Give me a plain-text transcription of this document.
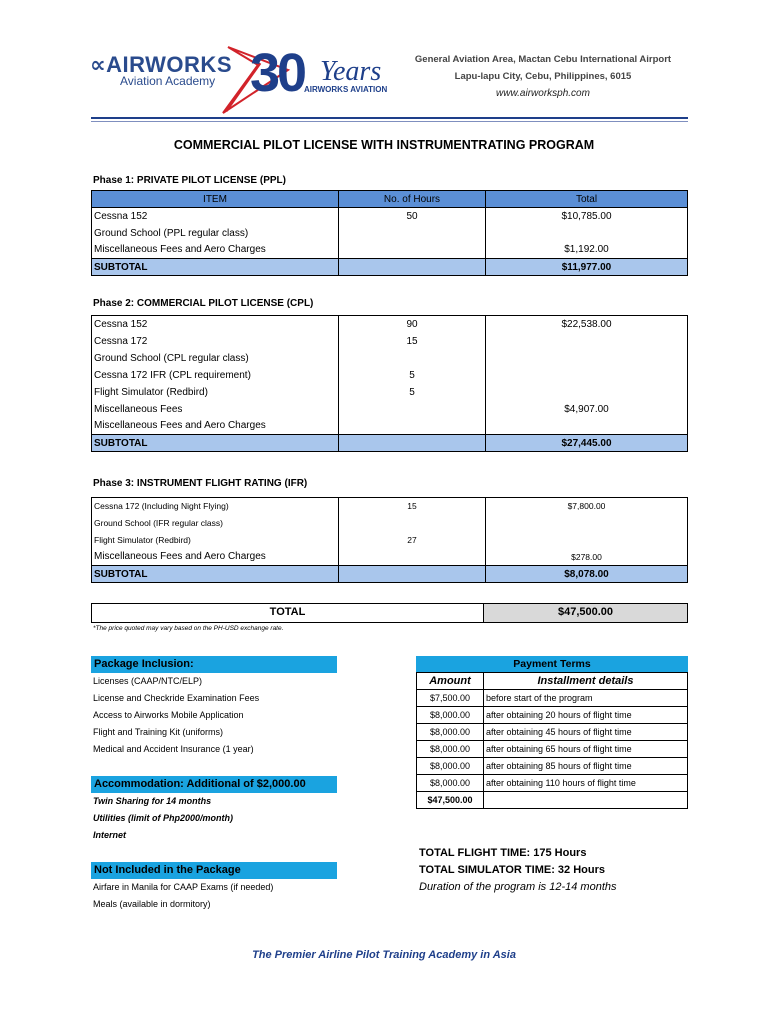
∝AIRWORKS
Aviation Academy 30 Years
AIRWORKS AVIATION
General Aviation Area, Mactan Cebu International Airport
Lapu-lapu City, Cebu, Philippines, 6015
www.airworksph.com
COMMERCIAL PILOT LICENSE WITH INSTRUMENTRATING PROGRAM
Phase 1: PRIVATE PILOT LICENSE (PPL)
ITEM	No. of Hours	Total
Cessna 152	50	$10,785.00
Ground School (PPL regular class)		
Miscellaneous Fees and Aero Charges		$1,192.00
SUBTOTAL		$11,977.00
Phase 2: COMMERCIAL PILOT LICENSE (CPL)
Cessna 152	90	$22,538.00
Cessna 172	15	
Ground School (CPL regular class)		
Cessna 172 IFR (CPL requirement)	5	
Flight Simulator (Redbird)	5	
Miscellaneous Fees		$4,907.00
Miscellaneous Fees and Aero Charges		
SUBTOTAL		$27,445.00
Phase 3: INSTRUMENT FLIGHT RATING (IFR)
Cessna 172 (Including Night Flying)	15	$7,800.00
Ground School (IFR regular class)		
Flight Simulator (Redbird)	27	
Miscellaneous Fees and Aero Charges		$278.00
SUBTOTAL		$8,078.00
TOTAL	$47,500.00
*The price quoted may vary based on the PH-USD exchange rate.
Package Inclusion:
Licenses (CAAP/NTC/ELP)
License and Checkride Examination Fees
Access to Airworks Mobile Application
Flight and Training Kit (uniforms)
Medical and Accident Insurance (1 year)
Accommodation: Additional of $2,000.00
Twin Sharing for 14 months
Utilities (limit of Php2000/month)
Internet
Not Included in the Package
Airfare in Manila for CAAP Exams (if needed)
Meals (available in dormitory)
Payment Terms
Amount	Installment details
$7,500.00	before start of the program
$8,000.00	after obtaining 20 hours of flight time
$8,000.00	after obtaining 45 hours of flight time
$8,000.00	after obtaining 65 hours of flight time
$8,000.00	after obtaining 85 hours of flight time
$8,000.00	after obtaining 110 hours of flight time
$47,500.00	
TOTAL FLIGHT TIME: 175 Hours
TOTAL SIMULATOR TIME: 32 Hours
Duration of the program is 12-14 months
The Premier Airline Pilot Training Academy in Asia
